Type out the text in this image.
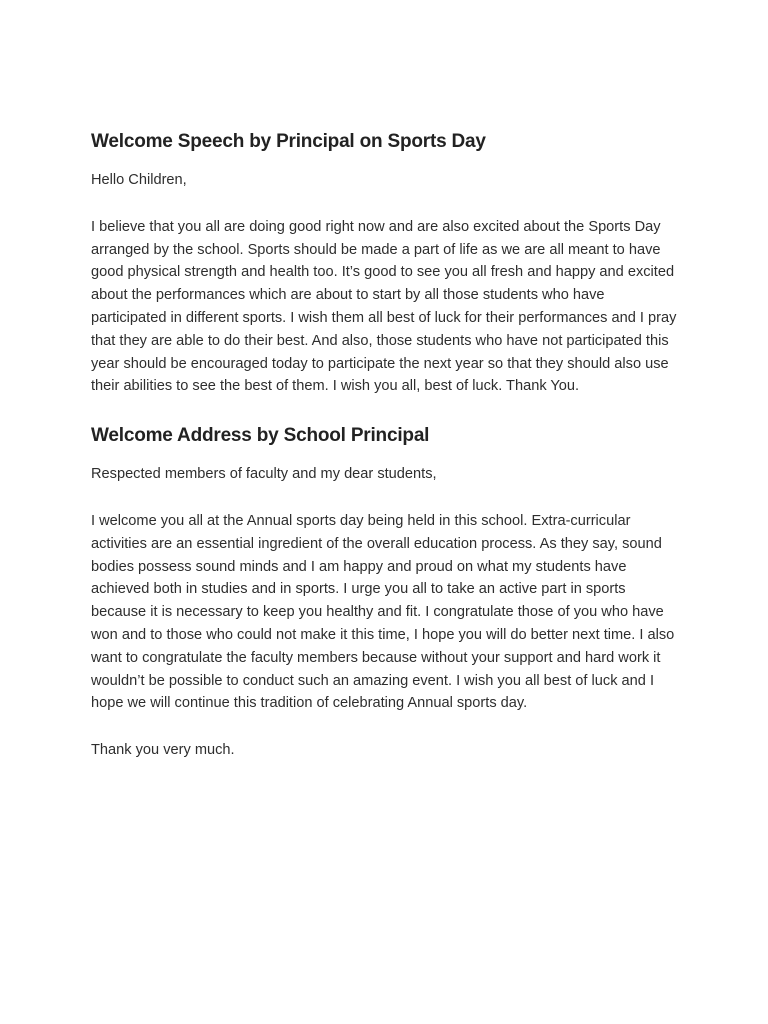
Welcome Speech by Principal on Sports Day

Hello Children,

I believe that you all are doing good right now and are also excited about the Sports Day arranged by the school. Sports should be made a part of life as we are all meant to have good physical strength and health too. It’s good to see you all fresh and happy and excited about the performances which are about to start by all those students who have participated in different sports. I wish them all best of luck for their performances and I pray that they are able to do their best. And also, those students who have not participated this year should be encouraged today to participate the next year so that they should also use their abilities to see the best of them. I wish you all, best of luck. Thank You.

Welcome Address by School Principal

Respected members of faculty and my dear students,

I welcome you all at the Annual sports day being held in this school. Extra-curricular activities are an essential ingredient of the overall education process. As they say, sound bodies possess sound minds and I am happy and proud on what my students have achieved both in studies and in sports. I urge you all to take an active part in sports because it is necessary to keep you healthy and fit. I congratulate those of you who have won and to those who could not make it this time, I hope you will do better next time. I also want to congratulate the faculty members because without your support and hard work it wouldn’t be possible to conduct such an amazing event. I wish you all best of luck and I hope we will continue this tradition of celebrating Annual sports day.

Thank you very much.
